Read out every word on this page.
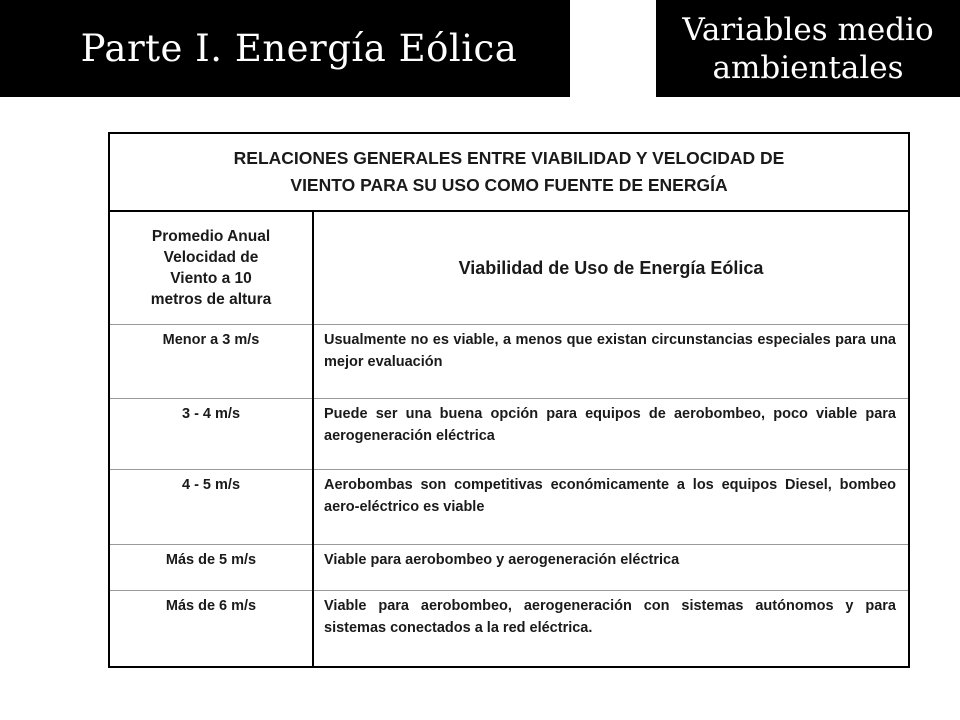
Parte I. Energía Eólica	Variables medio
ambientales
RELACIONES GENERALES ENTRE VIABILIDAD Y VELOCIDAD DE
VIENTO PARA SU USO COMO FUENTE DE ENERGÍA	

Promedio Anual
Velocidad de
Viento a 10
metros de altura	Viabilidad de Uso de Energía Eólica
Menor a 3 m/s	Usualmente no es viable, a menos que existan circunstancias especiales para una mejor evaluación
3 - 4 m/s	Puede ser una buena opción para equipos de aerobombeo, poco viable para aerogeneración eléctrica
4 - 5 m/s	Aerobombas son competitivas económicamente a los equipos Diesel, bombeo aero-eléctrico es viable
Más de 5 m/s	Viable para aerobombeo y aerogeneración eléctrica
Más de 6 m/s	Viable para aerobombeo, aerogeneración con sistemas autónomos y para sistemas conectados a la red eléctrica.
